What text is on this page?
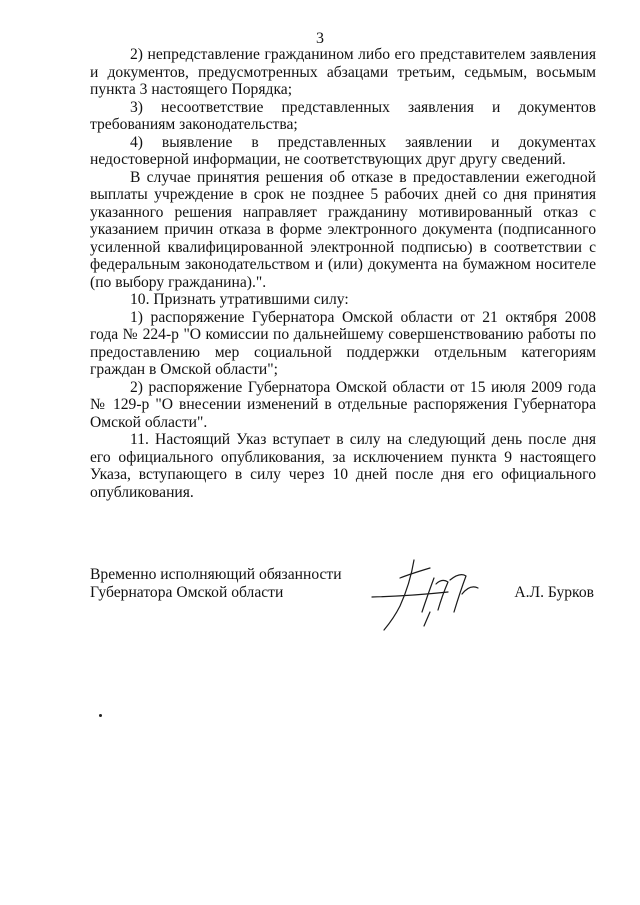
3

2) непредставление гражданином либо его представителем заявления и документов, предусмотренных абзацами третьим, седьмым, восьмым пункта 3 настоящего Порядка;

3) несоответствие представленных заявления и документов требованиям законодательства;

4) выявление в представленных заявлении и документах недостоверной информации, не соответствующих друг другу сведений.

В случае принятия решения об отказе в предоставлении ежегодной выплаты учреждение в срок не позднее 5 рабочих дней со дня принятия указанного решения направляет гражданину мотивированный отказ с указанием причин отказа в форме электронного документа (подписанного усиленной квалифицированной электронной подписью) в соответствии с федеральным законодательством и (или) документа на бумажном носителе (по выбору гражданина).".

10. Признать утратившими силу:

1) распоряжение Губернатора Омской области от 21 октября 2008 года № 224-р "О комиссии по дальнейшему совершенствованию работы по предоставлению мер социальной поддержки отдельным категориям граждан в Омской области";

2) распоряжение Губернатора Омской области от 15 июля 2009 года № 129-р "О внесении изменений в отдельные распоряжения Губернатора Омской области".

11. Настоящий Указ вступает в силу на следующий день после дня его официального опубликования, за исключением пункта 9 настоящего Указа, вступающего в силу через 10 дней после дня его официального опубликования.

Временно исполняющий обязанности
Губернатора Омской области	А.Л. Бурков
